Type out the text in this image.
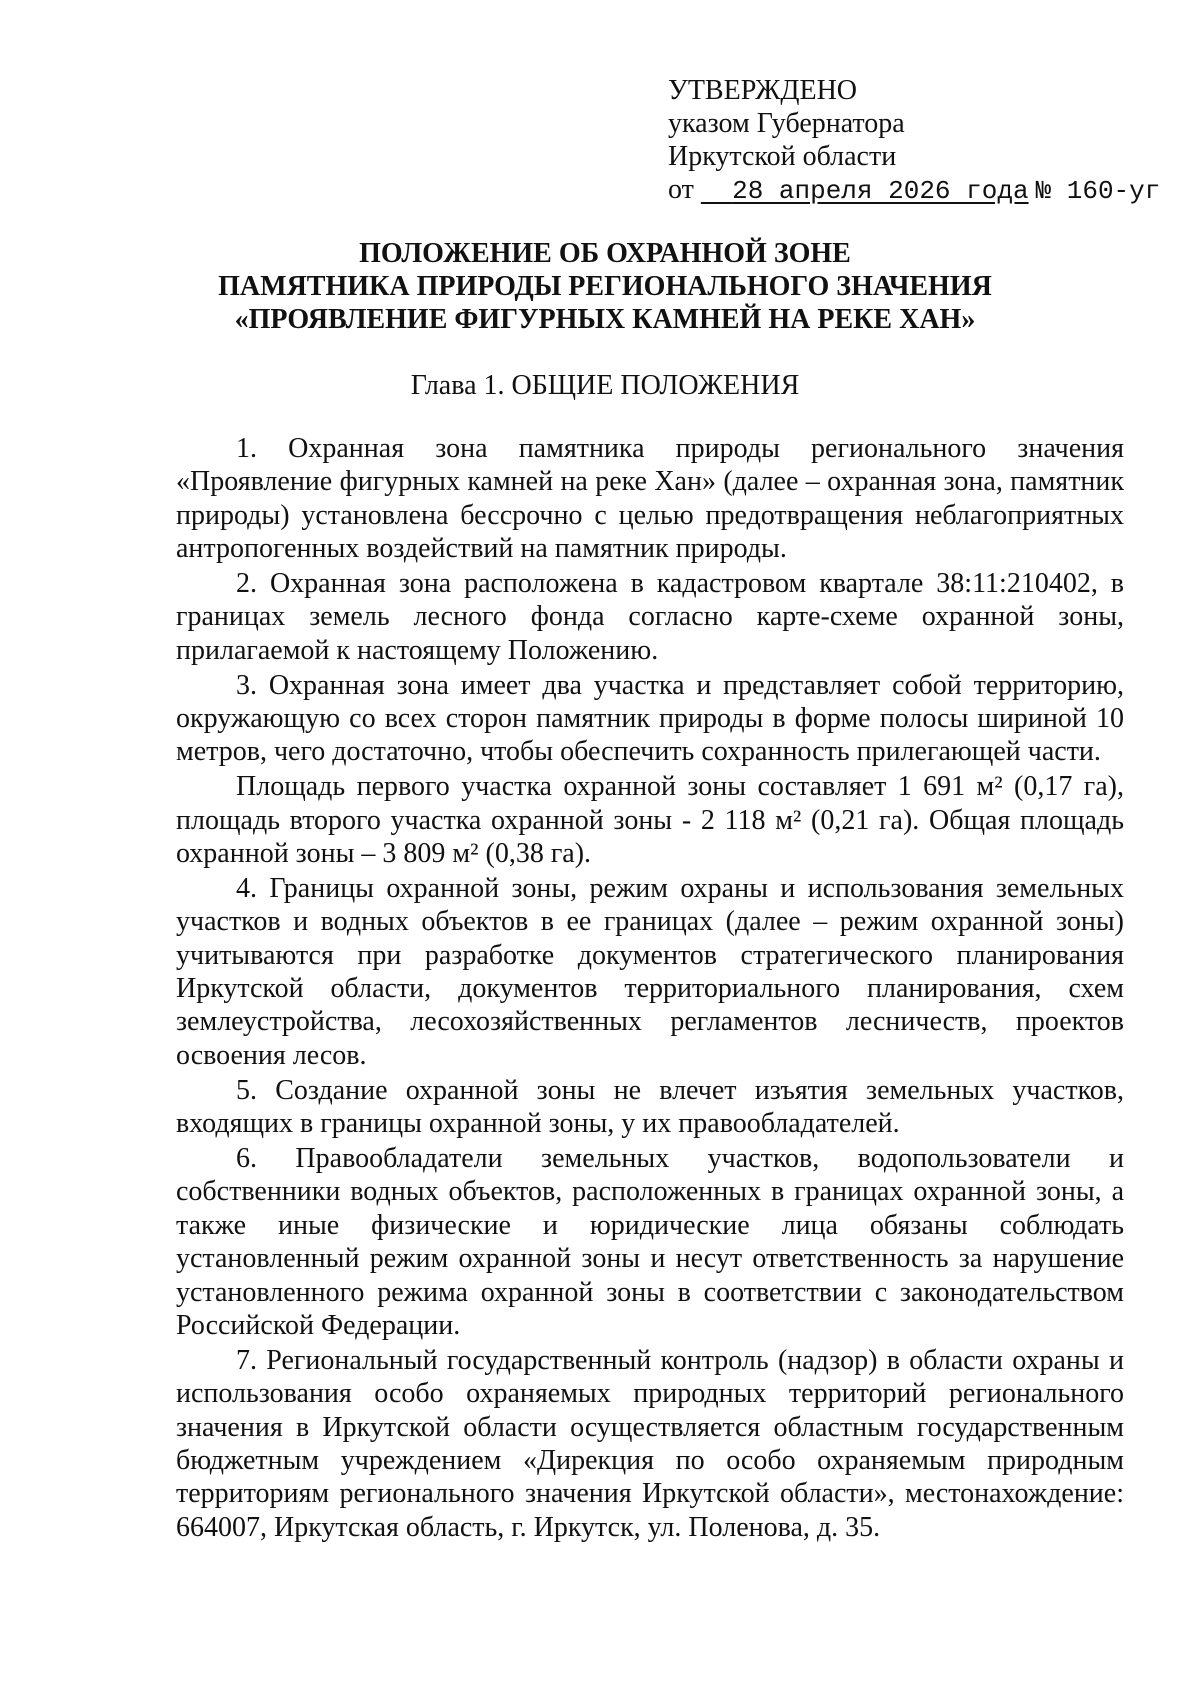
УТВЕРЖДЕНО
указом Губернатора
Иркутской области
от 28 апреля 2026 года № 160-уг
ПОЛОЖЕНИЕ ОБ ОХРАННОЙ ЗОНЕ
ПАМЯТНИКА ПРИРОДЫ РЕГИОНАЛЬНОГО ЗНАЧЕНИЯ
«ПРОЯВЛЕНИЕ ФИГУРНЫХ КАМНЕЙ НА РЕКЕ ХАН»
Глава 1. ОБЩИЕ ПОЛОЖЕНИЯ

1. Охранная зона памятника природы регионального значения «Проявление фигурных камней на реке Хан» (далее – охранная зона, памятник природы) установлена бессрочно с целью предотвращения неблагоприятных антропогенных воздействий на памятник природы.

2. Охранная зона расположена в кадастровом квартале 38:11:210402, в границах земель лесного фонда согласно карте-схеме охранной зоны, прилагаемой к настоящему Положению.

3. Охранная зона имеет два участка и представляет собой территорию, окружающую со всех сторон памятник природы в форме полосы шириной 10 метров, чего достаточно, чтобы обеспечить сохранность прилегающей части.

Площадь первого участка охранной зоны составляет 1 691 м² (0,17 га), площадь второго участка охранной зоны - 2 118 м² (0,21 га). Общая площадь охранной зоны – 3 809 м² (0,38 га).

4. Границы охранной зоны, режим охраны и использования земельных участков и водных объектов в ее границах (далее – режим охранной зоны) учитываются при разработке документов стратегического планирования Иркутской области, документов территориального планирования, схем землеустройства, лесохозяйственных регламентов лесничеств, проектов освоения лесов.

5. Создание охранной зоны не влечет изъятия земельных участков, входящих в границы охранной зоны, у их правообладателей.

6. Правообладатели земельных участков, водопользователи и собственники водных объектов, расположенных в границах охранной зоны, а также иные физические и юридические лица обязаны соблюдать установленный режим охранной зоны и несут ответственность за нарушение установленного режима охранной зоны в соответствии с законодательством Российской Федерации.

7. Региональный государственный контроль (надзор) в области охраны и использования особо охраняемых природных территорий регионального значения в Иркутской области осуществляется областным государственным бюджетным учреждением «Дирекция по особо охраняемым природным территориям регионального значения Иркутской области», местонахождение: 664007, Иркутская область, г. Иркутск, ул. Поленова, д. 35.
